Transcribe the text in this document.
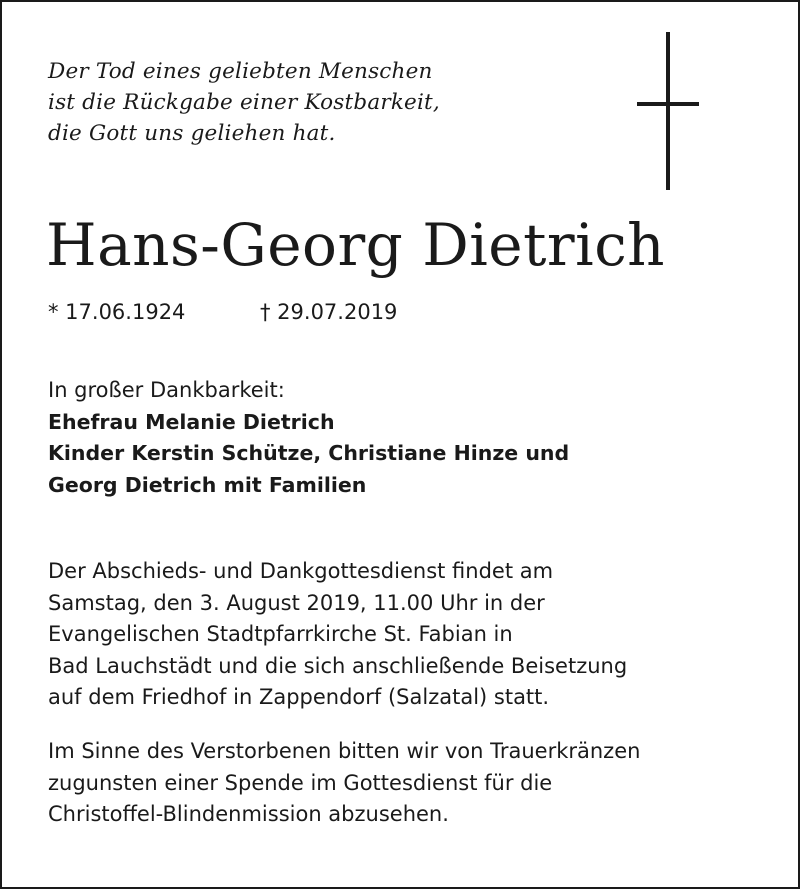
Der Tod eines geliebten Menschen
ist die Rückgabe einer Kostbarkeit,
die Gott uns geliehen hat.
Hans-Georg Dietrich
* 17.06.1924	† 29.07.2019
In großer Dankbarkeit:
Ehefrau Melanie Dietrich
Kinder Kerstin Schütze, Christiane Hinze und
Georg Dietrich mit Familien
Der Abschieds- und Dankgottesdienst findet am
Samstag, den 3. August 2019, 11.00 Uhr in der
Evangelischen Stadtpfarrkirche St. Fabian in
Bad Lauchstädt und die sich anschließende Beisetzung
auf dem Friedhof in Zappendorf (Salzatal) statt.
Im Sinne des Verstorbenen bitten wir von Trauerkränzen
zugunsten einer Spende im Gottesdienst für die
Christoffel-Blindenmission abzusehen.
